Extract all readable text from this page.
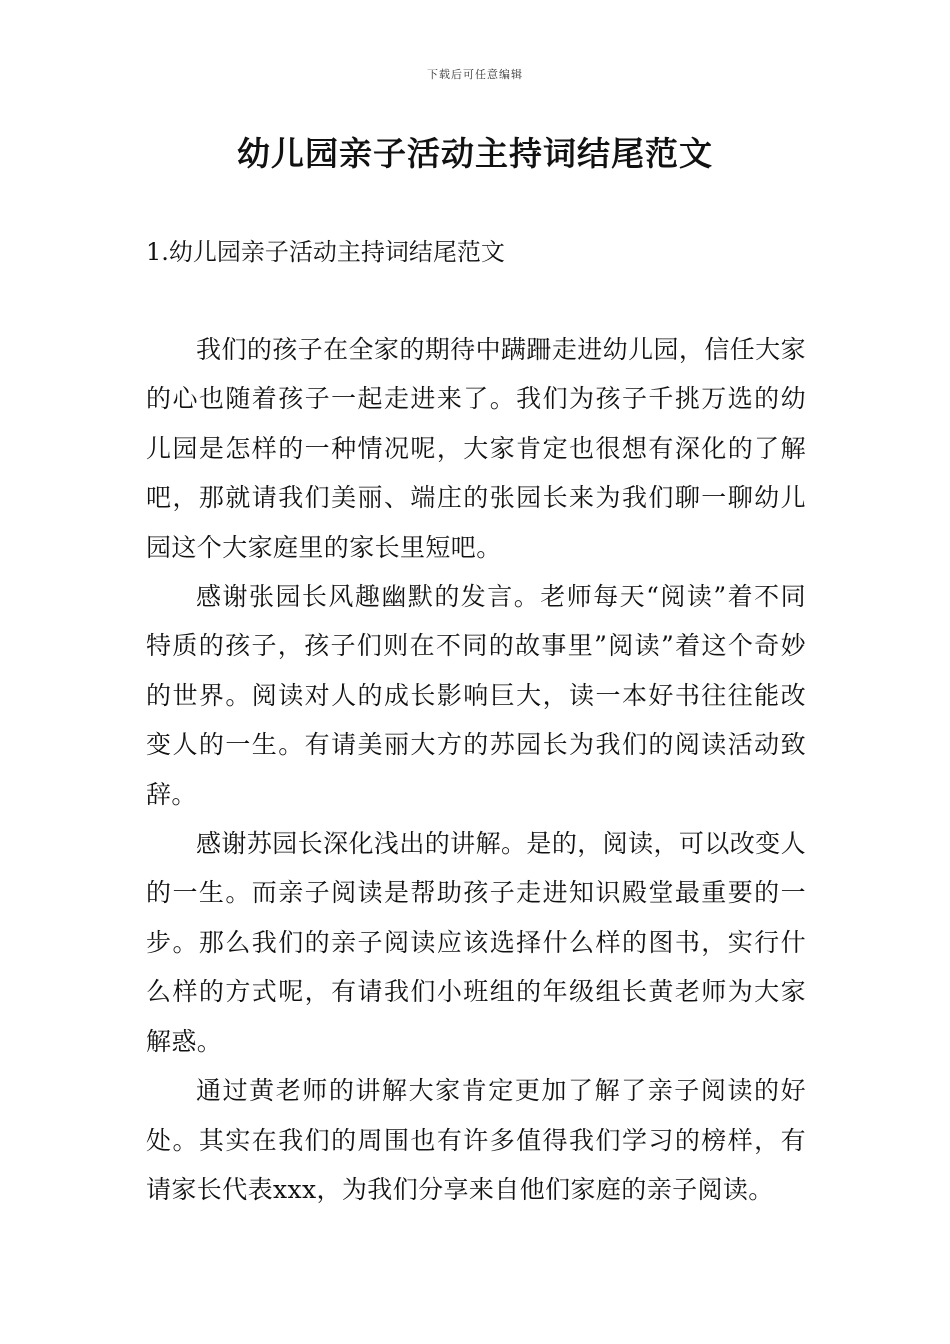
下载后可任意编辑
幼儿园亲子活动主持词结尾范文
1.幼儿园亲子活动主持词结尾范文

我们的孩子在全家的期待中蹒跚走进幼儿园，信任大家的心也随着孩子一起走进来了。我们为孩子千挑万选的幼儿园是怎样的一种情况呢，大家肯定也很想有深化的了解吧，那就请我们美丽、端庄的张园长来为我们聊一聊幼儿园这个大家庭里的家长里短吧。

感谢张园长风趣幽默的发言。老师每天“阅读”着不同特质的孩子，孩子们则在不同的故事里”阅读”着这个奇妙的世界。阅读对人的成长影响巨大，读一本好书往往能改变人的一生。有请美丽大方的苏园长为我们的阅读活动致辞。

感谢苏园长深化浅出的讲解。是的，阅读，可以改变人的一生。而亲子阅读是帮助孩子走进知识殿堂最重要的一步。那么我们的亲子阅读应该选择什么样的图书，实行什么样的方式呢，有请我们小班组的年级组长黄老师为大家解惑。

通过黄老师的讲解大家肯定更加了解了亲子阅读的好处。其实在我们的周围也有许多值得我们学习的榜样，有请家长代表xxx，为我们分享来自他们家庭的亲子阅读。
